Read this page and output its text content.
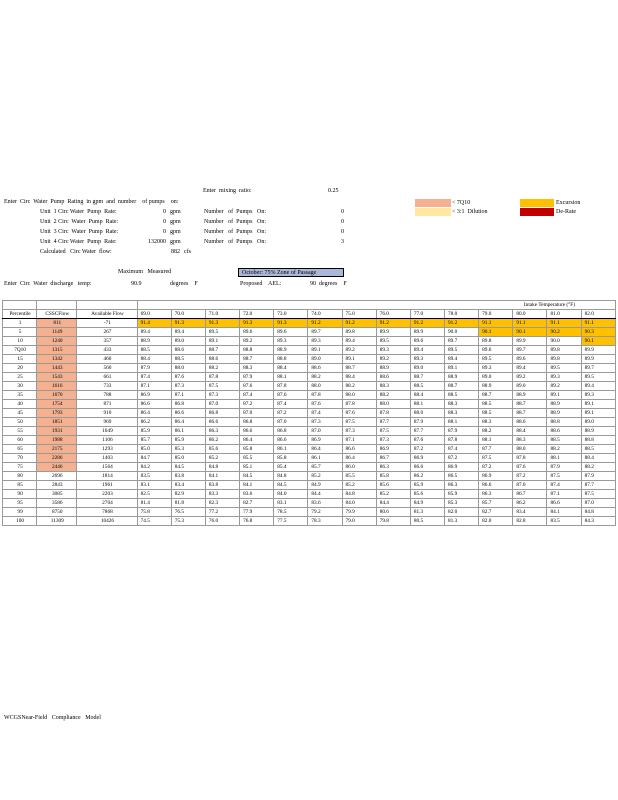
Enter  mixing  ratio:	0.25
< 7Q10
< 3:1  Dilution
Excursion
De-Rate
Enter  Circ  Water  Pump  Rating  in gpm  and  number    of pumps    on:
Unit  1 Circ Water  Pump  Rate:	0 gpm	Number   of  Pumps   On:	0
Unit  2 Circ  Water  Pump  Rate:	0 gpm	Number   of  Pumps   On:	0
Unit  3 Circ  Water  Pump  Rate:	0 gpm	Number   of  Pumps   On:	0
Unit  4 Circ Water  Pump  Rate:	132000 gpm	Number   of  Pumps   On:	3
Calculated   Circ Water  flow:	882 cfs
Maximum   Measured	October: 75% Zone of Passage
Enter  Circ  Water  discharge   temp:	90.9	degrees    F	Proposed    AEL:	90  degrees    F
			Intake Temperature (°F)													
Percentile	CSSCFlow	Available Flow	69.0	70.0	71.0	72.0	73.0	74.0	75.0	76.0	77.0	78.0	79.0	80.0	81.0	82.0
1	811	-71	91.4	91.3	91.3	91.3	91.3	91.2	91.2	91.2	91.2	91.2	91.1	91.1	91.1	91.1
5	1149	267	89.4	89.4	89.5	89.6	89.6	89.7	89.8	89.9	89.9	90.0	90.1	90.1	90.2	90.3
10	1240	357	88.9	89.0	89.1	89.2	89.3	89.3	89.4	89.5	89.6	89.7	89.8	89.9	90.0	90.1
7Q10	1315	433	88.5	88.6	88.7	88.8	88.9	89.1	89.2	89.3	89.4	89.5	89.6	89.7	89.8	89.9
15	1342	460	88.4	88.5	88.6	88.7	88.8	89.0	89.1	89.2	89.3	89.4	89.5	89.6	89.8	89.9
20	1443	560	87.9	88.0	88.2	88.3	88.4	88.6	88.7	88.9	89.0	89.1	89.3	89.4	89.5	89.7
25	1543	661	87.4	87.6	87.8	87.9	88.1	88.2	88.4	88.6	88.7	88.9	89.0	89.2	89.3	89.5
30	1616	733	87.1	87.3	87.5	87.6	87.8	88.0	88.2	88.3	88.5	88.7	88.9	89.0	89.2	89.4
35	1670	788	86.9	87.1	87.3	87.4	87.6	87.8	88.0	88.2	88.4	88.5	88.7	88.9	89.1	89.3
40	1754	871	86.6	86.8	87.0	87.2	87.4	87.6	87.8	88.0	88.1	88.3	88.5	88.7	88.9	89.1
45	1793	910	86.4	86.6	86.8	87.0	87.2	87.4	87.6	87.8	88.0	88.3	88.5	88.7	88.9	89.1
50	1851	969	86.2	86.4	86.6	86.8	87.0	87.3	87.5	87.7	87.9	88.1	88.3	88.6	88.8	89.0
55	1931	1049	85.9	86.1	86.3	86.6	86.8	87.0	87.3	87.5	87.7	87.9	88.2	88.4	88.6	88.9
60	1988	1106	85.7	85.9	86.2	86.4	86.6	86.9	87.1	87.3	87.6	87.8	88.1	88.3	88.5	88.8
65	2175	1293	85.0	85.3	85.6	85.8	86.1	86.4	86.6	86.9	87.2	87.4	87.7	88.0	88.2	88.5
70	2286	1403	84.7	85.0	85.2	85.5	85.8	86.1	86.4	86.7	86.9	87.2	87.5	87.8	88.1	88.4
75	2446	1564	84.2	84.5	84.8	85.1	85.4	85.7	86.0	86.3	86.6	86.9	87.2	87.6	87.9	88.2
80	2696	1814	83.5	83.8	84.1	84.5	84.8	85.2	85.5	85.8	86.2	86.5	86.9	87.2	87.5	87.9
85	2843	1961	83.1	83.4	83.8	84.1	84.5	84.9	85.2	85.6	85.9	86.3	86.6	87.0	87.4	87.7
90	3085	2203	82.5	82.9	83.3	83.6	84.0	84.4	84.8	85.2	85.6	85.9	86.3	86.7	87.1	87.5
95	3586	2704	81.4	81.8	82.3	82.7	83.1	83.6	84.0	84.4	84.9	85.3	85.7	86.2	86.6	87.0
99	8750	7868	75.8	76.5	77.2	77.9	78.5	79.2	79.9	80.6	81.3	82.0	82.7	83.4	84.1	84.8
100	11309	10426	74.5	75.3	76.0	76.8	77.5	78.3	79.0	79.8	80.5	81.3	82.0	82.8	83.5	84.3
WCGSNear-Field   Compliance   Model
